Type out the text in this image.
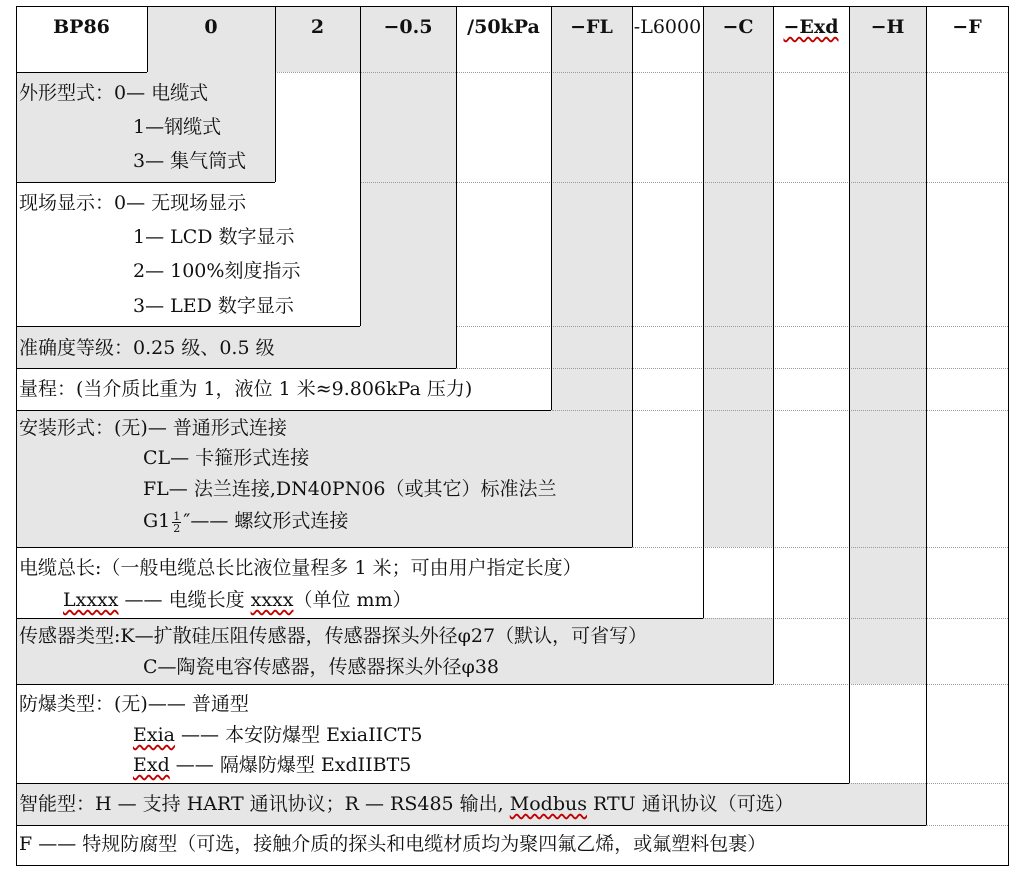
BP86	0	2	−0.5	/50kPa	−FL	-L6000	−C	−Exd	−H	−F
外形型式：0— 电缆式
1—钢缆式
3— 集气筒式
现场显示：0— 无现场显示
1— LCD 数字显示
2— 100%刻度指示
3— LED 数字显示
准确度等级：0.25 级、0.5 级
量程：(当介质比重为 1，液位 1 米≈9.806kPa 压力)
安装形式：(无)— 普通形式连接
CL— 卡箍形式连接
FL— 法兰连接,DN40PN06（或其它）标准法兰
$G1 \frac{1}{2}$ ″—— 螺纹形式连接
电缆总长:（一般电缆总长比液位量程多 1 米；可由用户指定长度）
Lxxxx —— 电缆长度 xxxx（单位 mm）
传感器类型:K—扩散硅压阻传感器，传感器探头外径φ27（默认，可省写）
C—陶瓷电容传感器，传感器探头外径φ38
防爆类型：(无)—— 普通型
Exia —— 本安防爆型 ExiaIICT5
Exd —— 隔爆防爆型 ExdIIBT5
智能型：H — 支持 HART 通讯协议；R — RS485 输出, Modbus RTU 通讯协议（可选）
F —— 特规防腐型（可选，接触介质的探头和电缆材质均为聚四氟乙烯，或氟塑料包裹）
